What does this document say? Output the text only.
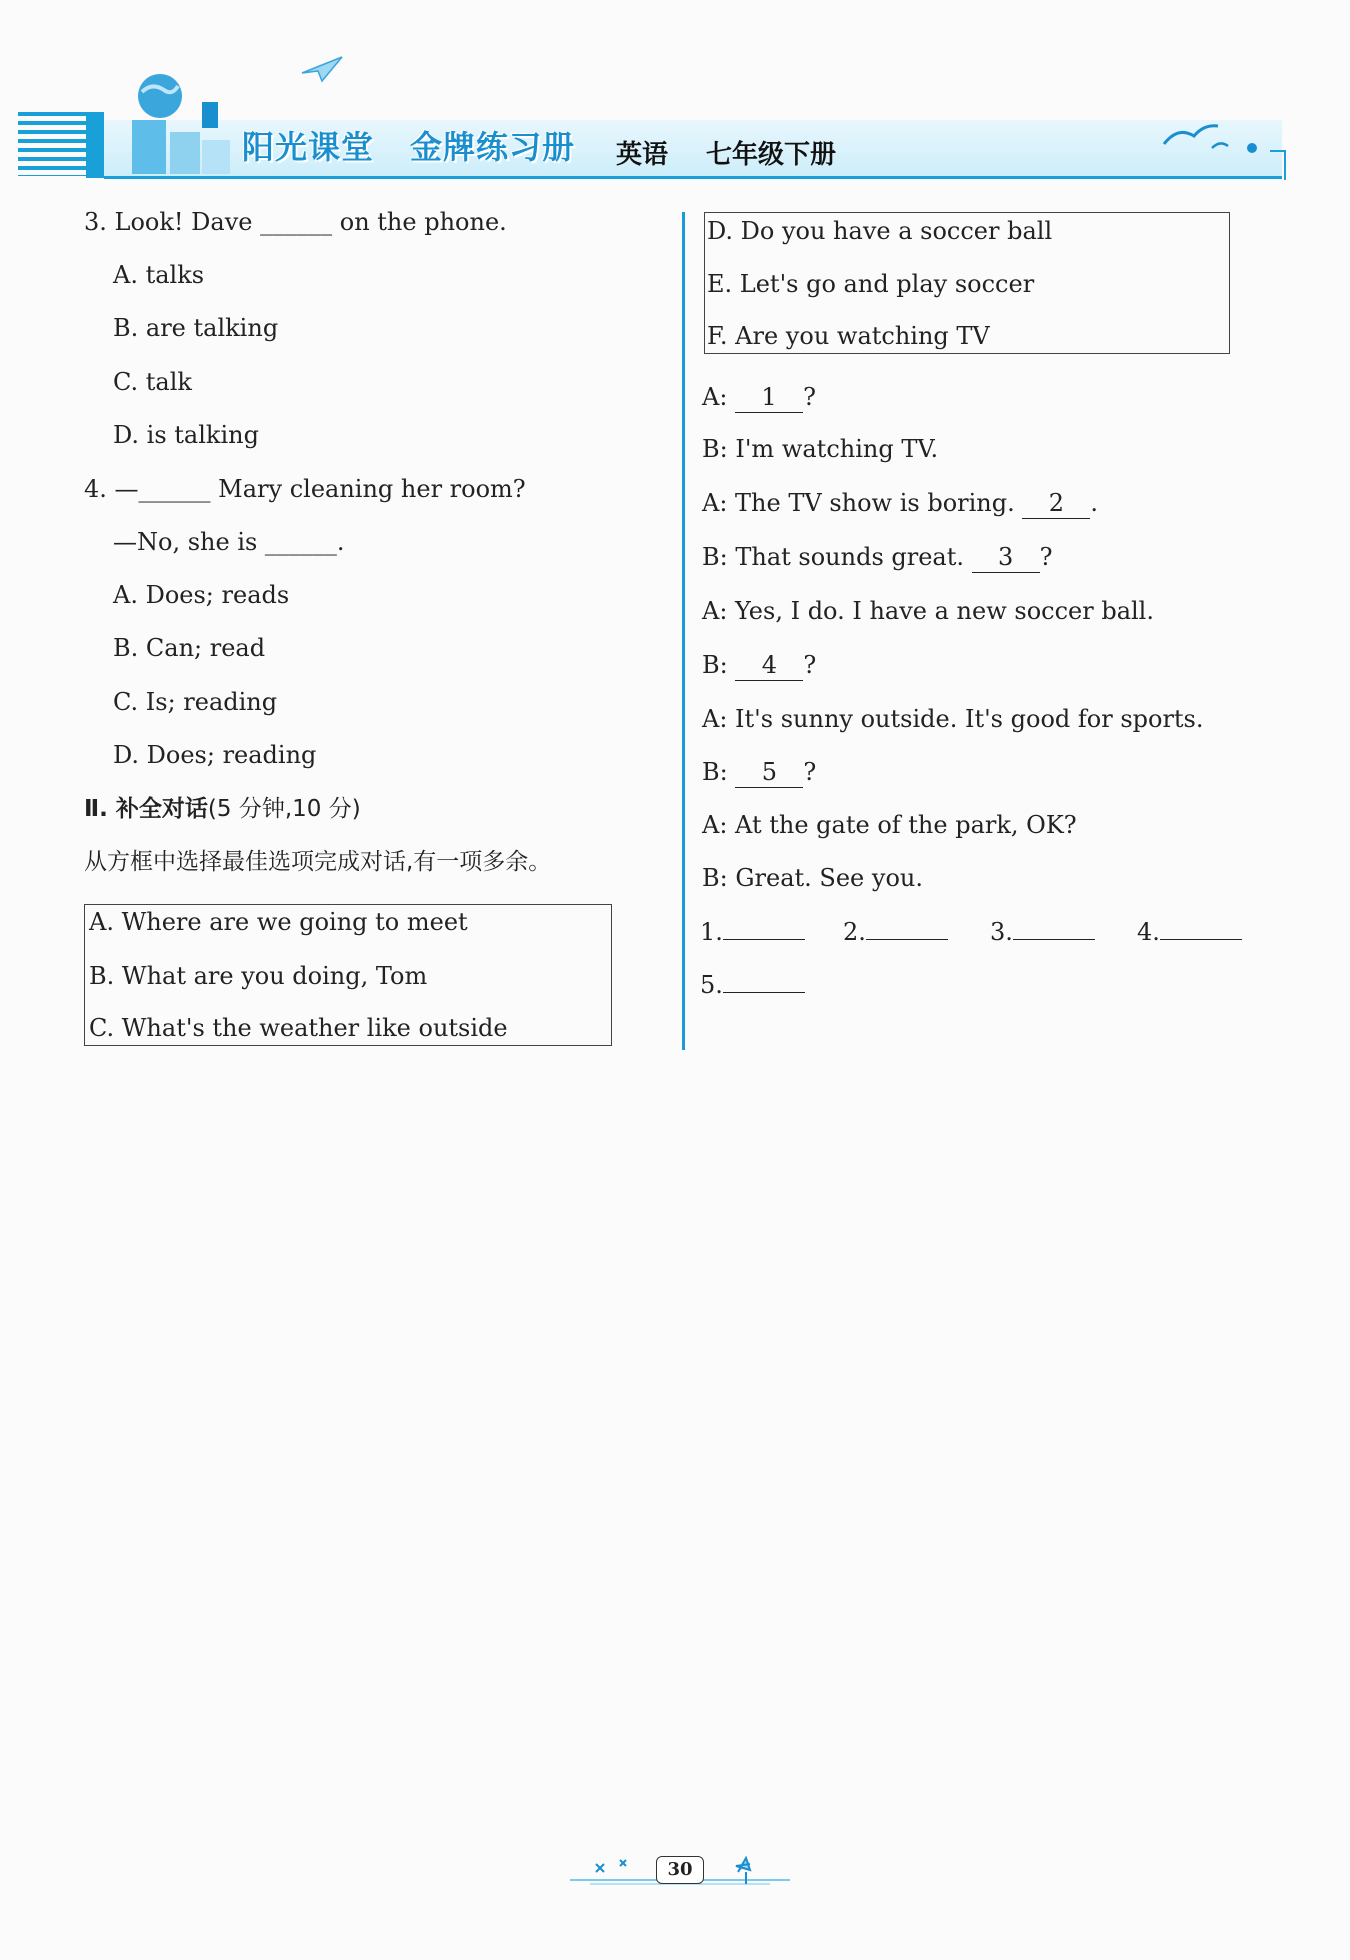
阳光课堂 金牌练习册 英语 七年级下册
3. Look! Dave ______ on the phone.
A. talks
B. are talking
C. talk
D. is talking
4. —______ Mary cleaning her room?
—No, she is ______.
A. Does; reads
B. Can; read
C. Is; reading
D. Does; reading
Ⅱ. 补全对话(5 分钟,10 分)
从方框中选择最佳选项完成对话,有一项多余。
A. Where are we going to meet
B. What are you doing, Tom
C. What's the weather like outside
D. Do you have a soccer ball
E. Let's go and play soccer
F. Are you watching TV
A: 1 ?
B: I'm watching TV.
A: The TV show is boring. 2 .
B: That sounds great. 3 ?
A: Yes, I do. I have a new soccer ball.
B: 4 ?
A: It's sunny outside. It's good for sports.
B: 5 ?
A: At the gate of the park, OK?
B: Great. See you.
1.	2.	3.	4.
5.
30
